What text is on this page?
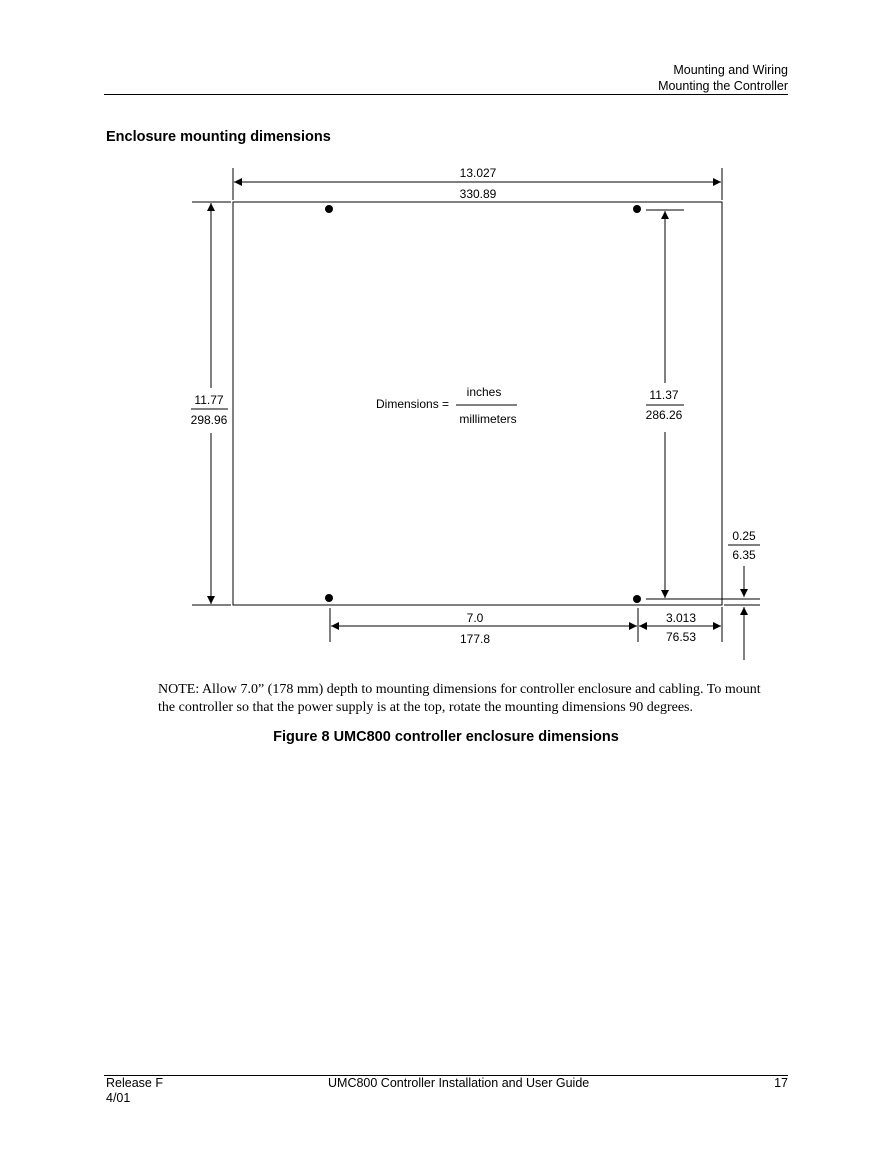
Mounting and Wiring
Mounting the Controller
Enclosure mounting dimensions
13.027
330.89
11.77
298.96
Dimensions =
inches
millimeters
11.37
286.26
0.25
6.35
7.0
177.8
3.013
76.53
NOTE: Allow 7.0” (178 mm) depth to mounting dimensions for controller enclosure and cabling. To mount the controller so that the power supply is at the top, rotate the mounting dimensions 90 degrees.
Figure 8 UMC800 controller enclosure dimensions
Release F
4/01
UMC800 Controller Installation and User Guide	17
